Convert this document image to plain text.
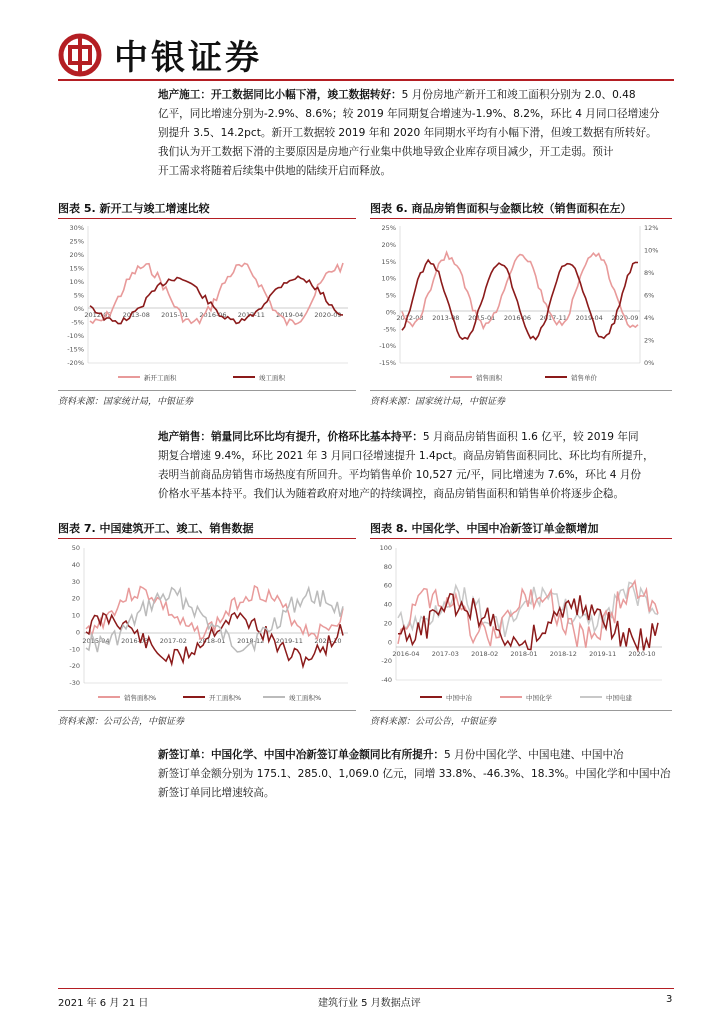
中银证券
地产施工：开工数据同比小幅下滑，竣工数据转好：5 月份房地产新开工和竣工面积分别为 2.0、0.48
亿平，同比增速分别为-2.9%、8.6%；较 2019 年同期复合增速为-1.9%、8.2%，环比 4 月同口径增速分
别提升 3.5、14.2pct。新开工数据较 2019 年和 2020 年同期水平均有小幅下滑，但竣工数据有所转好。
我们认为开工数据下滑的主要原因是房地产行业集中供地导致企业库存项目减少，开工走弱。预计
开工需求将随着后续集中供地的陆续开启而释放。
图表 5. 新开工与竣工增速比较
30%
25%
20%
15%
10%
5%
0%
-5%
-10%
-15%
-20%
2012-03 2013-08 2015-01 2016-06 2017-11 2019-04 2020-09
新开工面积	竣工面积
资料来源：国家统计局，中银证券
图表 6. 商品房销售面积与金额比较（销售面积在左）
25%
20%
15%
10%
5%
0%
-5%
-10%
-15%
12%
10%
8%
6%
4%
2%
0%
2012-03 2013-08 2015-01 2016-06 2017-11 2019-04 2020-09
销售面积	销售单价
资料来源：国家统计局，中银证券
地产销售：销量同比环比均有提升，价格环比基本持平：5 月商品房销售面积 1.6 亿平，较 2019 年同
期复合增速 9.4%，环比 2021 年 3 月同口径增速提升 1.4pct。商品房销售面积同比、环比均有所提升，
表明当前商品房销售市场热度有所回升。平均销售单价 10,527 元/平，同比增速为 7.6%，环比 4 月份
价格水平基本持平。我们认为随着政府对地产的持续调控，商品房销售面积和销售单价将逐步企稳。
图表 7. 中国建筑开工、竣工、销售数据
50
40
30
20
10
0
-10
-20
-30
2015-04 2016-03 2017-02 2018-01 2018-12 2019-11 2020-10
销售面积%	开工面积%	竣工面积%
资料来源：公司公告，中银证券
图表 8. 中国化学、中国中冶新签订单金额增加
100
80
60
40
20
0
-20
-40
2016-04 2017-03 2018-02 2018-01 2018-12 2019-11 2020-10
中国中冶	中国化学	中国电建
资料来源：公司公告，中银证券
新签订单：中国化学、中国中冶新签订单金额同比有所提升：5 月份中国化学、中国电建、中国中冶
新签订单金额分别为 175.1、285.0、1,069.0 亿元，同增 33.8%、-46.3%、18.3%。中国化学和中国中冶
新签订单同比增速较高。
2021 年 6 月 21 日	建筑行业 5 月数据点评	3
